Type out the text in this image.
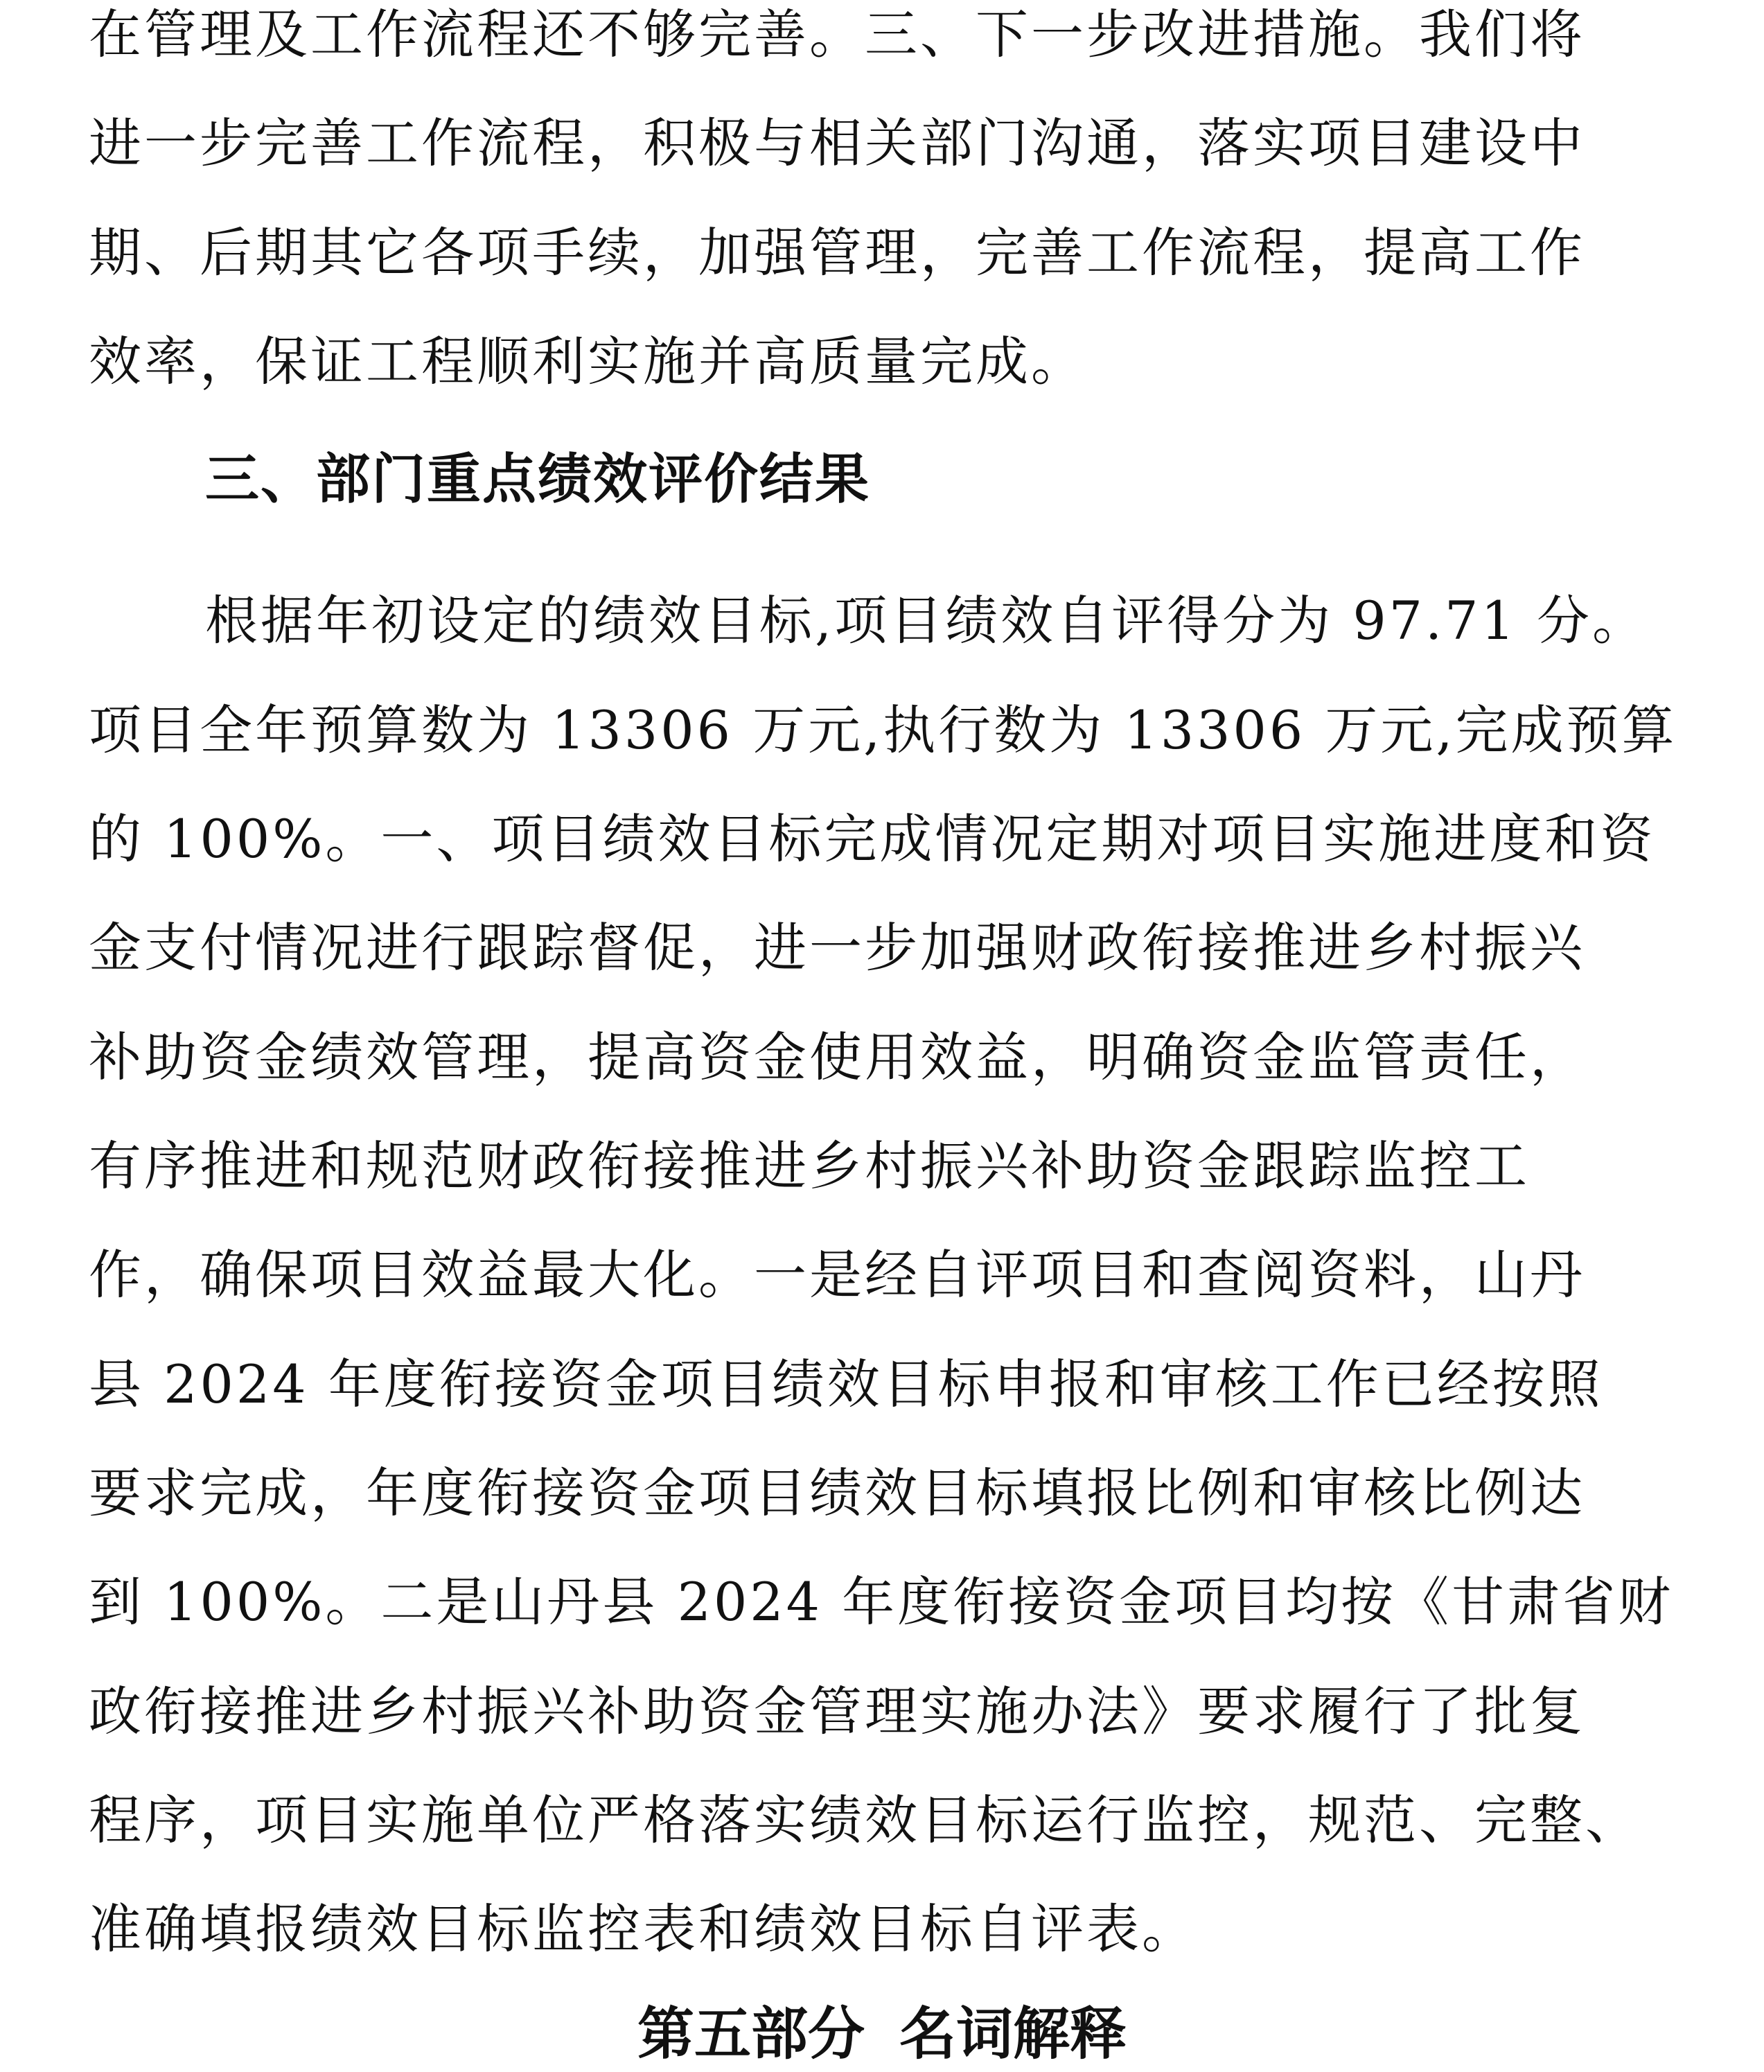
在管理及工作流程还不够完善。三、下一步改进措施。我们将
进一步完善工作流程，积极与相关部门沟通，落实项目建设中
期、后期其它各项手续，加强管理，完善工作流程，提高工作
效率，保证工程顺利实施并高质量完成。
三、部门重点绩效评价结果
根据年初设定的绩效目标,项目绩效自评得分为 97.71 分。
项目全年预算数为 13306 万元,执行数为 13306 万元,完成预算
的 100%。一、项目绩效目标完成情况定期对项目实施进度和资
金支付情况进行跟踪督促，进一步加强财政衔接推进乡村振兴
补助资金绩效管理，提高资金使用效益，明确资金监管责任，
有序推进和规范财政衔接推进乡村振兴补助资金跟踪监控工
作，确保项目效益最大化。一是经自评项目和查阅资料，山丹
县 2024 年度衔接资金项目绩效目标申报和审核工作已经按照
要求完成，年度衔接资金项目绩效目标填报比例和审核比例达
到 100%。二是山丹县 2024 年度衔接资金项目均按《甘肃省财
政衔接推进乡村振兴补助资金管理实施办法》要求履行了批复
程序，项目实施单位严格落实绩效目标运行监控，规范、完整、
准确填报绩效目标监控表和绩效目标自评表。
第五部分 名词解释
